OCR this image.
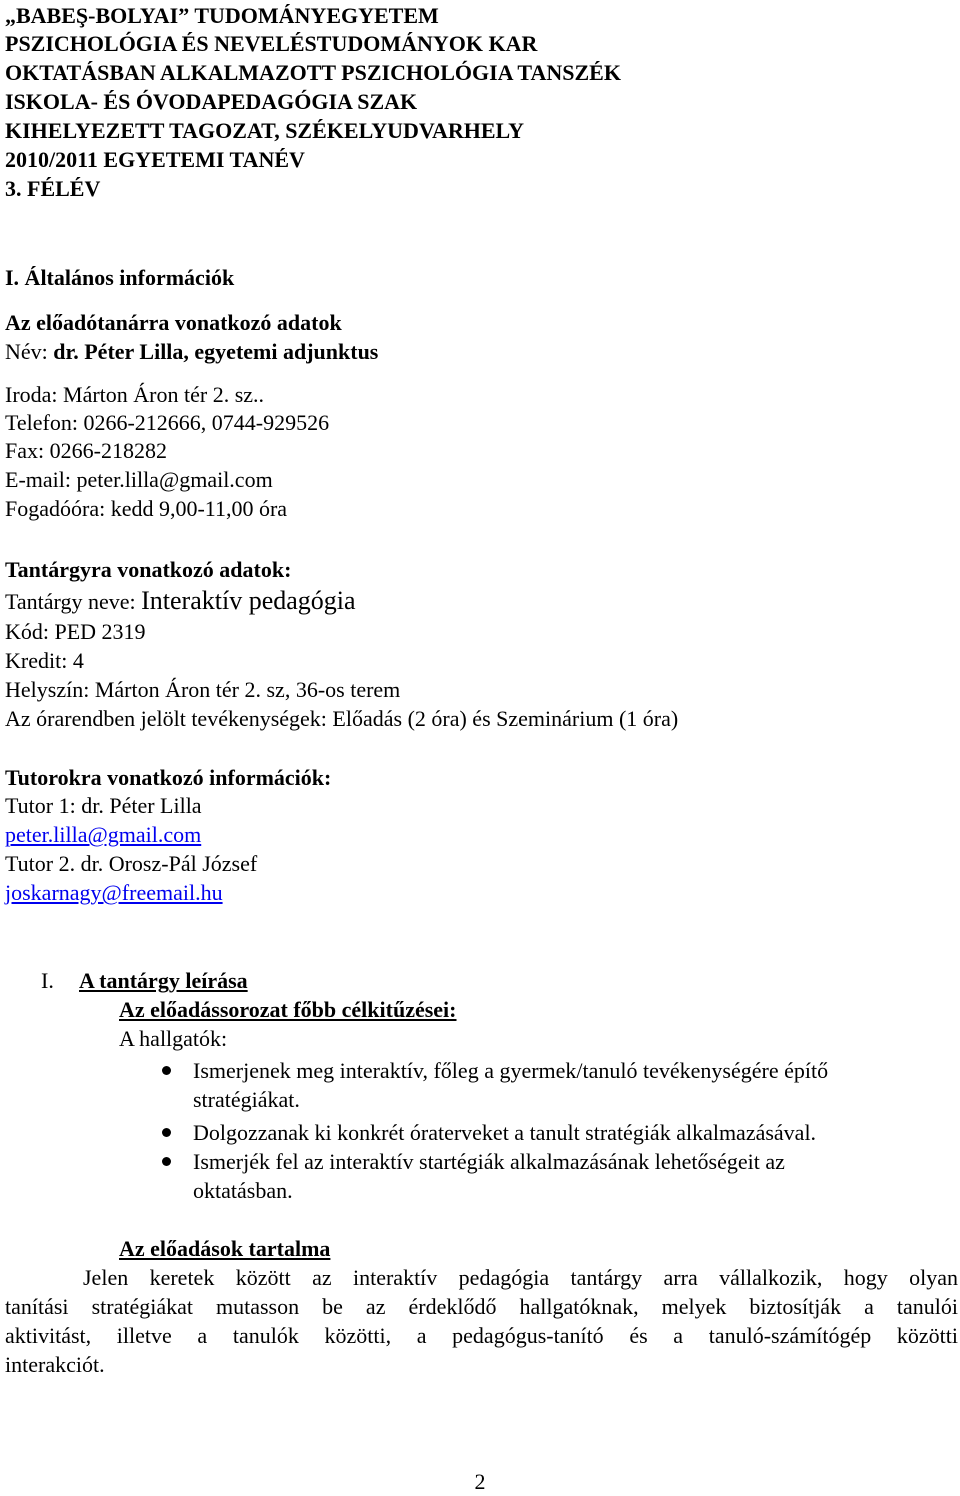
„BABEŞ-BOLYAI” TUDOMÁNYEGYETEM
PSZICHOLÓGIA ÉS NEVELÉSTUDOMÁNYOK KAR
OKTATÁSBAN ALKALMAZOTT PSZICHOLÓGIA TANSZÉK
ISKOLA- ÉS ÓVODAPEDAGÓGIA SZAK
KIHELYEZETT TAGOZAT, SZÉKELYUDVARHELY
2010/2011 EGYETEMI TANÉV
3. FÉLÉV
I. Általános információk
Az előadótanárra vonatkozó adatok
Név: dr. Péter Lilla, egyetemi adjunktus
Iroda: Márton Áron tér 2. sz..
Telefon: 0266-212666, 0744-929526
Fax: 0266-218282
E-mail: peter.lilla@gmail.com
Fogadóóra: kedd 9,00-11,00 óra
Tantárgyra vonatkozó adatok:
Tantárgy neve: Interaktív pedagógia
Kód: PED 2319
Kredit: 4
Helyszín: Márton Áron tér 2. sz, 36-os terem
Az órarendben jelölt tevékenységek: Előadás (2 óra) és Szeminárium (1 óra)
Tutorokra vonatkozó információk:
Tutor 1: dr. Péter Lilla
peter.lilla@gmail.com
Tutor 2. dr. Orosz-Pál József
joskarnagy@freemail.hu
I. A tantárgy leírása
Az előadássorozat főbb célkitűzései:
A hallgatók:
Ismerjenek meg interaktív, főleg a gyermek/tanuló tevékenységére építő
stratégiákat.
Dolgozzanak ki konkrét óraterveket a tanult stratégiák alkalmazásával.
Ismerjék fel az interaktív startégiák alkalmazásának lehetőségeit az
oktatásban.
Az előadások tartalma
Jelen keretek között az interaktív pedagógia tantárgy arra vállalkozik, hogy olyan
tanítási stratégiákat mutasson be az érdeklődő hallgatóknak, melyek biztosítják a tanulói
aktivitást, illetve a tanulók közötti, a pedagógus-tanító és a tanuló-számítógép közötti
interakciót.
2
